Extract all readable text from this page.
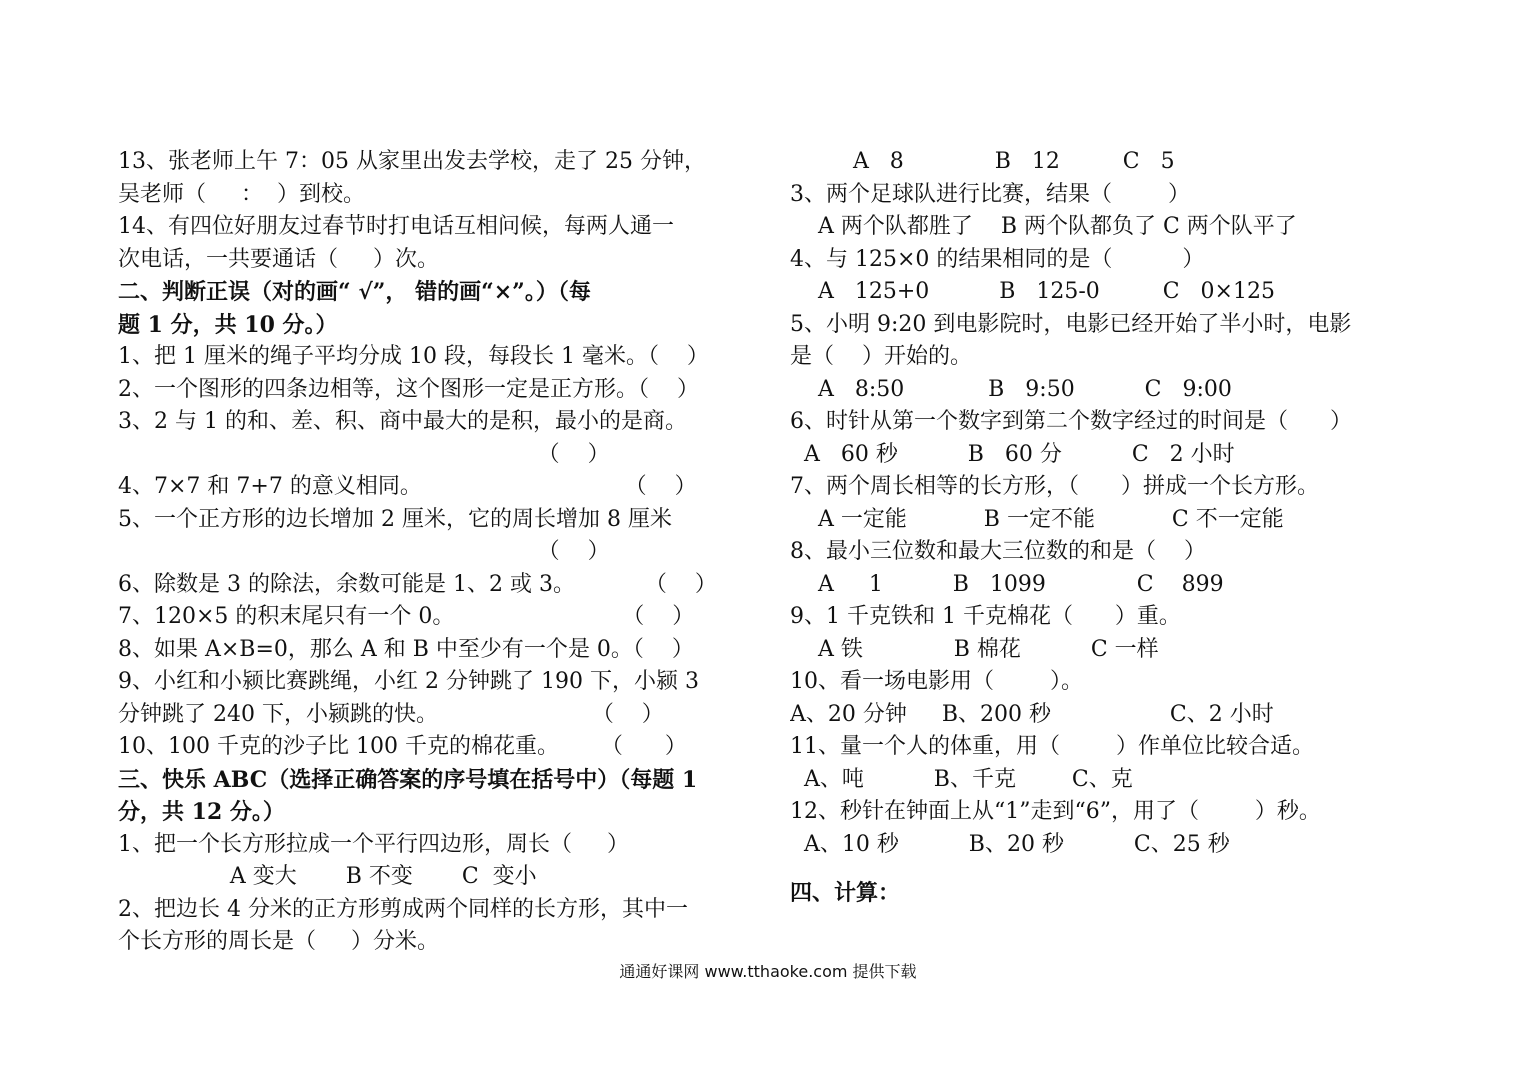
13、张老师上午 7：05 从家里出发去学校，走了 25 分钟，
吴老师（     ：  ）到校。
14、有四位好朋友过春节时打电话互相问候，每两人通一
次电话，一共要通话（     ）次。
二、判断正误（对的画“ √”， 错的画“×”。）（每
题 1 分，共 10 分。）
1、把 1 厘米的绳子平均分成 10 段，每段长 1 毫米。（    ）
2、一个图形的四条边相等，这个图形一定是正方形。（    ）
3、2 与 1 的和、差、积、商中最大的是积，最小的是商。
（    ）
4、7×7 和 7+7 的意义相同。                             （    ）
5、一个正方形的边长增加 2 厘米，它的周长增加 8 厘米
（    ）
6、除数是 3 的除法，余数可能是 1、2 或 3。          （    ）
7、120×5 的积末尾只有一个 0。                        （    ）
8、如果 A×B=0，那么 A 和 B 中至少有一个是 0。（    ）
9、小红和小颍比赛跳绳，小红 2 分钟跳了 190 下，小颍 3
分钟跳了 240 下，小颍跳的快。                      （    ）
10、100 千克的沙子比 100 千克的棉花重。      （      ）
三、快乐 ABC（选择正确答案的序号填在括号中）（每题 1
分，共 12 分。）
1、把一个长方形拉成一个平行四边形，周长（     ）
A 变大       B 不变       C  变小
2、把边长 4 分米的正方形剪成两个同样的长方形，其中一
个长方形的周长是（     ）分米。
A   8             B   12         C   5
3、两个足球队进行比赛，结果（        ）
A 两个队都胜了    B 两个队都负了 C 两个队平了
4、与 125×0 的结果相同的是（          ）
A   125+0          B   125-0         C   0×125
5、小明 9:20 到电影院时，电影已经开始了半小时，电影
是（    ）开始的。
A   8:50            B   9:50          C   9:00
6、时针从第一个数字到第二个数字经过的时间是（      ）
A   60 秒          B   60 分          C   2 小时
7、两个周长相等的长方形，（      ）拼成一个长方形。
A 一定能           B 一定不能           C 不一定能
8、最小三位数和最大三位数的和是（    ）
A     1          B   1099             C    899
9、1 千克铁和 1 千克棉花（      ）重。
A 铁             B 棉花          C 一样
10、看一场电影用（        ）。
A、20 分钟     B、200 秒                 C、2 小时
11、量一个人的体重，用（        ）作单位比较合适。
A、吨          B、千克        C、克
12、秒针在钟面上从“1”走到“6”，用了（        ）秒。
A、10 秒          B、20 秒          C、25 秒
四、计算：
通通好课网 www.tthaoke.com 提供下载
